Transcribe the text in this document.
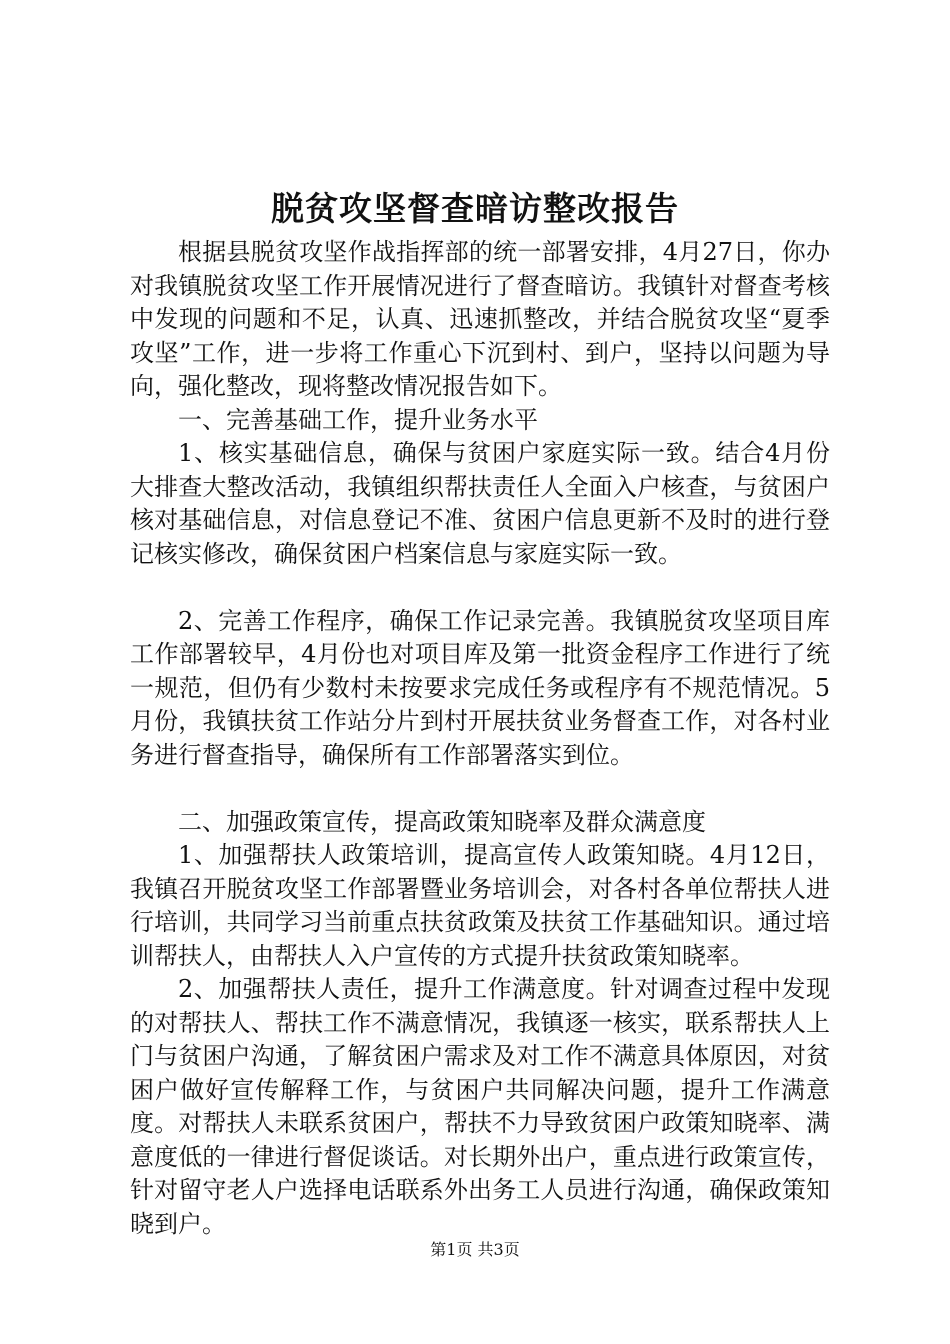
脱贫攻坚督查暗访整改报告

根据县脱贫攻坚作战指挥部的统一部署安排，4月27日，你办对我镇脱贫攻坚工作开展情况进行了督查暗访。我镇针对督查考核中发现的问题和不足，认真、迅速抓整改，并结合脱贫攻坚“夏季攻坚”工作，进一步将工作重心下沉到村、到户，坚持以问题为导向，强化整改，现将整改情况报告如下。

一、完善基础工作，提升业务水平

1、核实基础信息，确保与贫困户家庭实际一致。结合4月份大排查大整改活动，我镇组织帮扶责任人全面入户核查，与贫困户核对基础信息，对信息登记不准、贫困户信息更新不及时的进行登记核实修改，确保贫困户档案信息与家庭实际一致。

2、完善工作程序，确保工作记录完善。我镇脱贫攻坚项目库工作部署较早，4月份也对项目库及第一批资金程序工作进行了统一规范，但仍有少数村未按要求完成任务或程序有不规范情况。5月份，我镇扶贫工作站分片到村开展扶贫业务督查工作，对各村业务进行督查指导，确保所有工作部署落实到位。

二、加强政策宣传，提高政策知晓率及群众满意度

1、加强帮扶人政策培训，提高宣传人政策知晓。4月12日，我镇召开脱贫攻坚工作部署暨业务培训会，对各村各单位帮扶人进行培训，共同学习当前重点扶贫政策及扶贫工作基础知识。通过培训帮扶人，由帮扶人入户宣传的方式提升扶贫政策知晓率。

2、加强帮扶人责任，提升工作满意度。针对调查过程中发现的对帮扶人、帮扶工作不满意情况，我镇逐一核实，联系帮扶人上门与贫困户沟通，了解贫困户需求及对工作不满意具体原因，对贫困户做好宣传解释工作，与贫困户共同解决问题，提升工作满意度。对帮扶人未联系贫困户，帮扶不力导致贫困户政策知晓率、满意度低的一律进行督促谈话。对长期外出户，重点进行政策宣传，针对留守老人户选择电话联系外出务工人员进行沟通，确保政策知晓到户。

第1页 共3页
